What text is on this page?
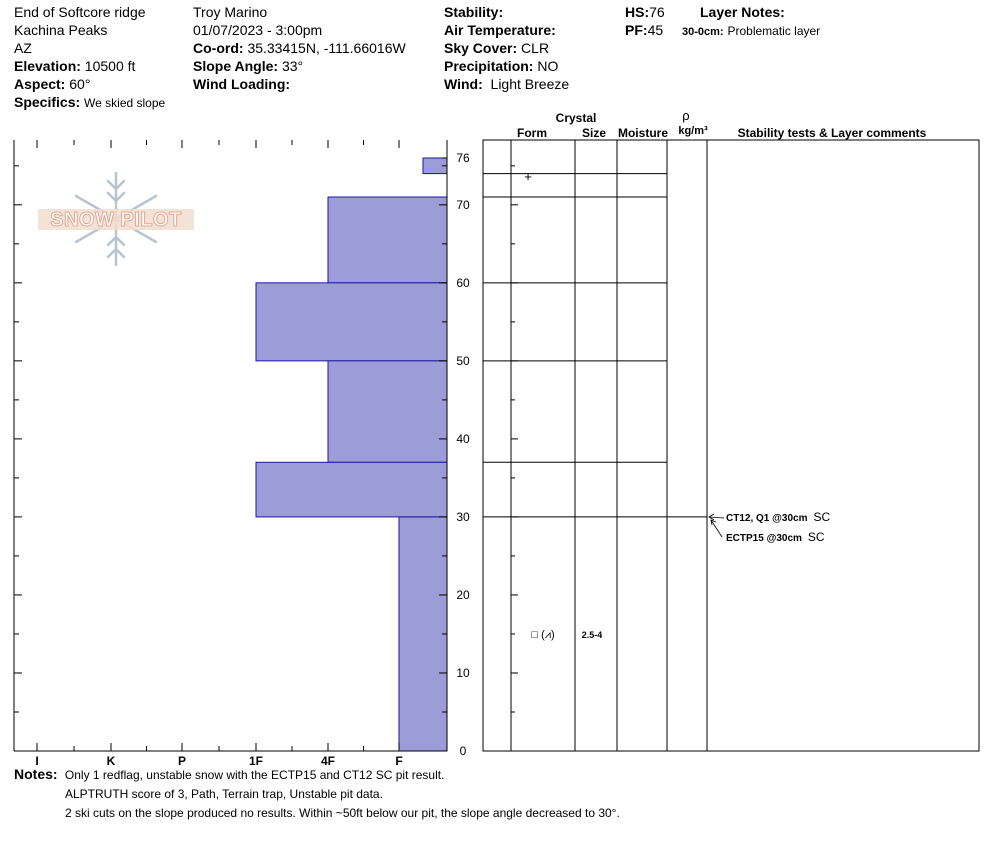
End of Softcore ridge
Kachina Peaks
AZ
Elevation: 10500 ft
Aspect: 60°
Specifics: We skied slope
Troy Marino
01/07/2023 - 3:00pm
Co-ord: 35.33415N, -111.66016W
Slope Angle: 33°
Wind Loading:
Stability:
Air Temperature:
Sky Cover: CLR
Precipitation: NO
Wind: Light Breeze
HS:76
PF:45
Layer Notes:
30-0cm: Problematic layer
SNOW PILOT
0
10
20
30
40
50
60
70
76
I	K	P	1F	4F	F
Crystal
Form	Size Moisture
ρ
kg/m³ Stability tests & Layer comments
+
□ (⩘)	2.5-4
CT12, Q1 @30cm SC
ECTP15 @30cm SC
Notes: Only 1 redflag, unstable snow with the ECTP15 and CT12 SC pit result.
ALPTRUTH score of 3, Path, Terrain trap, Unstable pit data.
2 ski cuts on the slope produced no results. Within ~50ft below our pit, the slope angle decreased to 30°.
